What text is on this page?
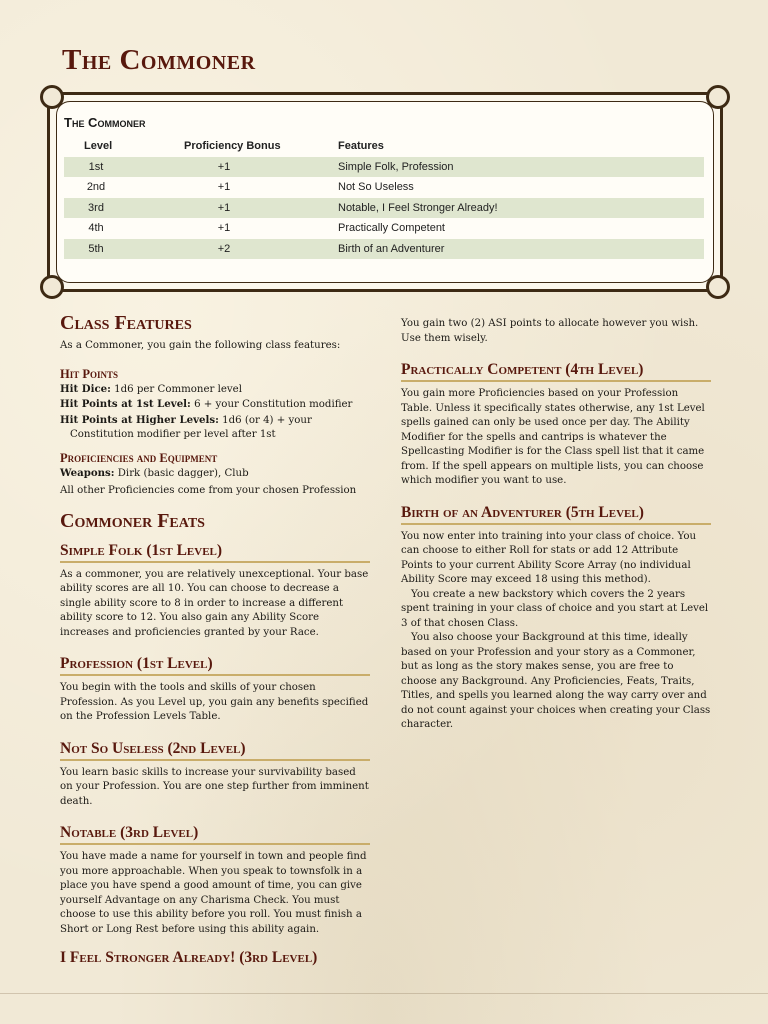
The Commoner
The Commoner
Level	Proficiency Bonus	Features
1st	+1	Simple Folk, Profession
2nd	+1	Not So Useless
3rd	+1	Notable, I Feel Stronger Already!
4th	+1	Practically Competent
5th	+2	Birth of an Adventurer
Class Features

As a Commoner, you gain the following class features:

Hit Points

Hit Dice: 1d6 per Commoner level

Hit Points at 1st Level: 6 + your Constitution modifier

Hit Points at Higher Levels: 1d6 (or 4) + your Constitution modifier per level after 1st

Proficiencies and Equipment

Weapons: Dirk (basic dagger), Club

All other Proficiencies come from your chosen Profession

Commoner Feats
Simple Folk (1st Level)

As a commoner, you are relatively unexceptional. Your base ability scores are all 10. You can choose to decrease a single ability score to 8 in order to increase a different ability score to 12. You also gain any Ability Score increases and proficiencies granted by your Race.

Profession (1st Level)

You begin with the tools and skills of your chosen Profession. As you Level up, you gain any benefits specified on the Profession Levels Table.

Not So Useless (2nd Level)

You learn basic skills to increase your survivability based on your Profession. You are one step further from imminent death.

Notable (3rd Level)

You have made a name for yourself in town and people find you more approachable. When you speak to townsfolk in a place you have spend a good amount of time, you can give yourself Advantage on any Charisma Check. You must choose to use this ability before you roll. You must finish a Short or Long Rest before using this ability again.

I Feel Stronger Already! (3rd Level)

You gain two (2) ASI points to allocate however you wish. Use them wisely.

Practically Competent (4th Level)

You gain more Proficiencies based on your Profession Table. Unless it specifically states otherwise, any 1st Level spells gained can only be used once per day. The Ability Modifier for the spells and cantrips is whatever the Spellcasting Modifier is for the Class spell list that it came from. If the spell appears on multiple lists, you can choose which modifier you want to use.

Birth of an Adventurer (5th Level)

You now enter into training into your class of choice. You can choose to either Roll for stats or add 12 Attribute Points to your current Ability Score Array (no individual Ability Score may exceed 18 using this method).

You create a new backstory which covers the 2 years spent training in your class of choice and you start at Level 3 of that chosen Class.

You also choose your Background at this time, ideally based on your Profession and your story as a Commoner, but as long as the story makes sense, you are free to choose any Background. Any Proficiencies, Feats, Traits, Titles, and spells you learned along the way carry over and do not count against your choices when creating your Class character.
